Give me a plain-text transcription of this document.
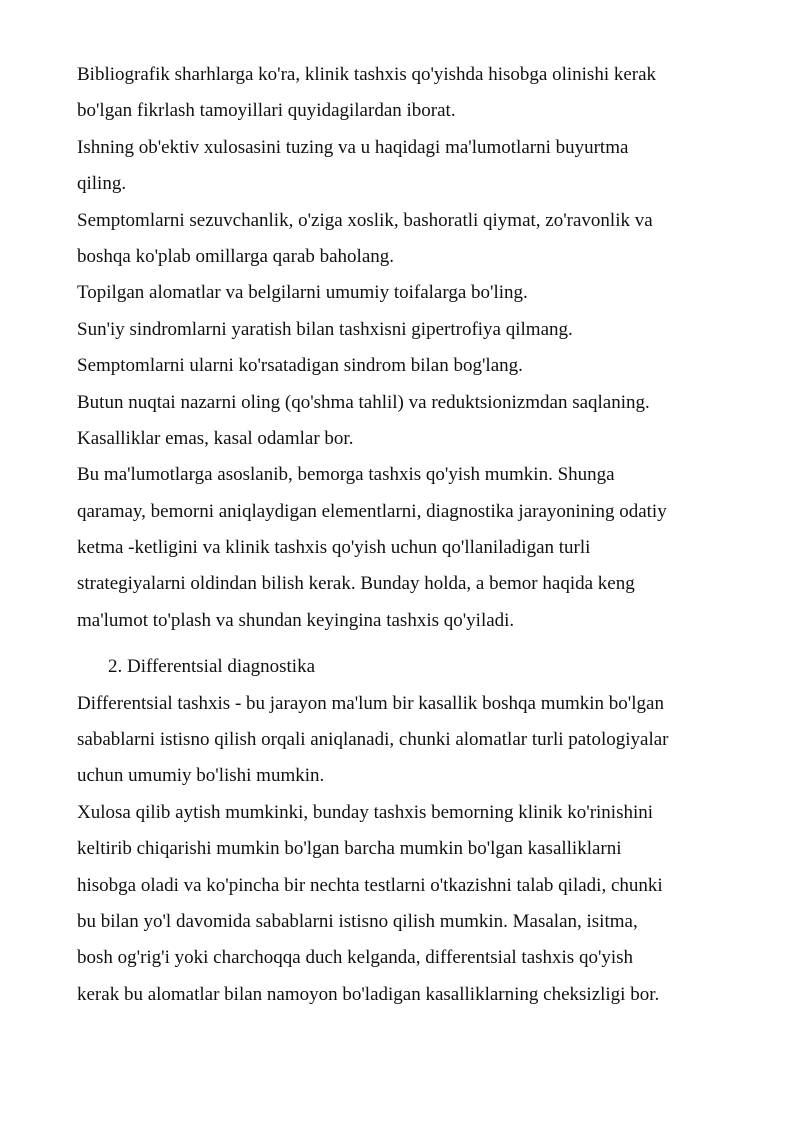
Bibliografik sharhlarga ko'ra, klinik tashxis qo'yishda hisobga olinishi kerak
bo'lgan fikrlash tamoyillari quyidagilardan iborat.
Ishning ob'ektiv xulosasini tuzing va u haqidagi ma'lumotlarni buyurtma
qiling.
Semptomlarni sezuvchanlik, o'ziga xoslik, bashoratli qiymat, zo'ravonlik va
boshqa ko'plab omillarga qarab baholang.
Topilgan alomatlar va belgilarni umumiy toifalarga bo'ling.
Sun'iy sindromlarni yaratish bilan tashxisni gipertrofiya qilmang.
Semptomlarni ularni ko'rsatadigan sindrom bilan bog'lang.
Butun nuqtai nazarni oling (qo'shma tahlil) va reduktsionizmdan saqlaning.
Kasalliklar emas, kasal odamlar bor.
Bu ma'lumotlarga asoslanib, bemorga tashxis qo'yish mumkin. Shunga
qaramay, bemorni aniqlaydigan elementlarni, diagnostika jarayonining odatiy
ketma -ketligini va klinik tashxis qo'yish uchun qo'llaniladigan turli
strategiyalarni oldindan bilish kerak. Bunday holda, a bemor haqida keng
ma'lumot to'plash va shundan keyingina tashxis qo'yiladi.
2. Differentsial diagnostika
Differentsial tashxis - bu jarayon ma'lum bir kasallik boshqa mumkin bo'lgan
sabablarni istisno qilish orqali aniqlanadi, chunki alomatlar turli patologiyalar
uchun umumiy bo'lishi mumkin.
Xulosa qilib aytish mumkinki, bunday tashxis bemorning klinik ko'rinishini
keltirib chiqarishi mumkin bo'lgan barcha mumkin bo'lgan kasalliklarni
hisobga oladi va ko'pincha bir nechta testlarni o'tkazishni talab qiladi, chunki
bu bilan yo'l davomida sabablarni istisno qilish mumkin. Masalan, isitma,
bosh og'rig'i yoki charchoqqa duch kelganda, differentsial tashxis qo'yish
kerak bu alomatlar bilan namoyon bo'ladigan kasalliklarning cheksizligi bor.
